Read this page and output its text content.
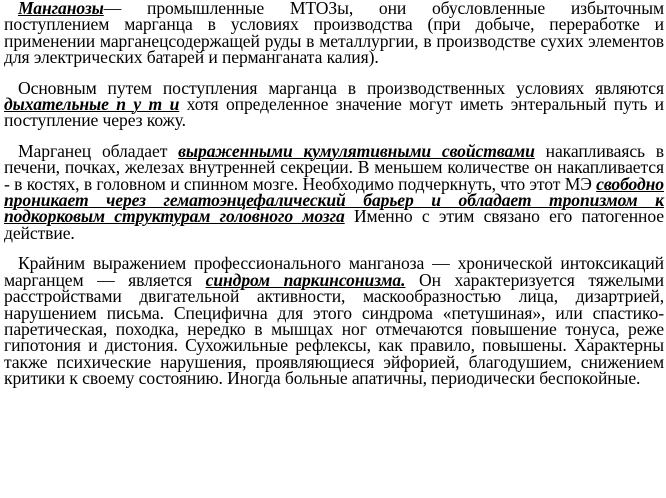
Манганозы— промышленные МТОЗы, они обусловленные избыточным поступлением марганца в условиях производства (при добыче, переработке и применении марганецсодержащей руды в металлургии, в производстве сухих элементов для электрических батарей и перманганата калия).

Основным путем поступления марганца в производственных условиях являются дыхательные п у т и хотя определенное значение могут иметь энтеральный путь и поступление через кожу.

Марганец обладает выраженными кумулятивными свойствами накапливаясь в печени, почках, железах внутренней секреции. В меньшем количестве он накапливается - в костях, в головном и спинном мозге. Необходимо подчеркнуть, что этот МЭ свободно проникает через гематоэнцефалический барьер и обладает тропизмом к подкорковым структурам головного мозга Именно с этим связано его патогенное действие.

Крайним выражением профессионального манганоза — хронической интоксикаций марганцем — является синдром паркинсонизма. Он характеризуется тяжелыми расстройствами двигательной активности, маскообразностью лица, дизартрией, нарушением письма. Специфична для этого синдрома «петушиная», или спастико-паретическая, походка, нередко в мышцах ног отмечаются повышение тонуса, реже гипотония и дистония. Сухожильные рефлексы, как правило, повышены. Характерны также психические нарушения, проявляющиеся эйфорией, благодушием, снижением критики к своему состоянию. Иногда больные апатичны, периодически беспокойные.
